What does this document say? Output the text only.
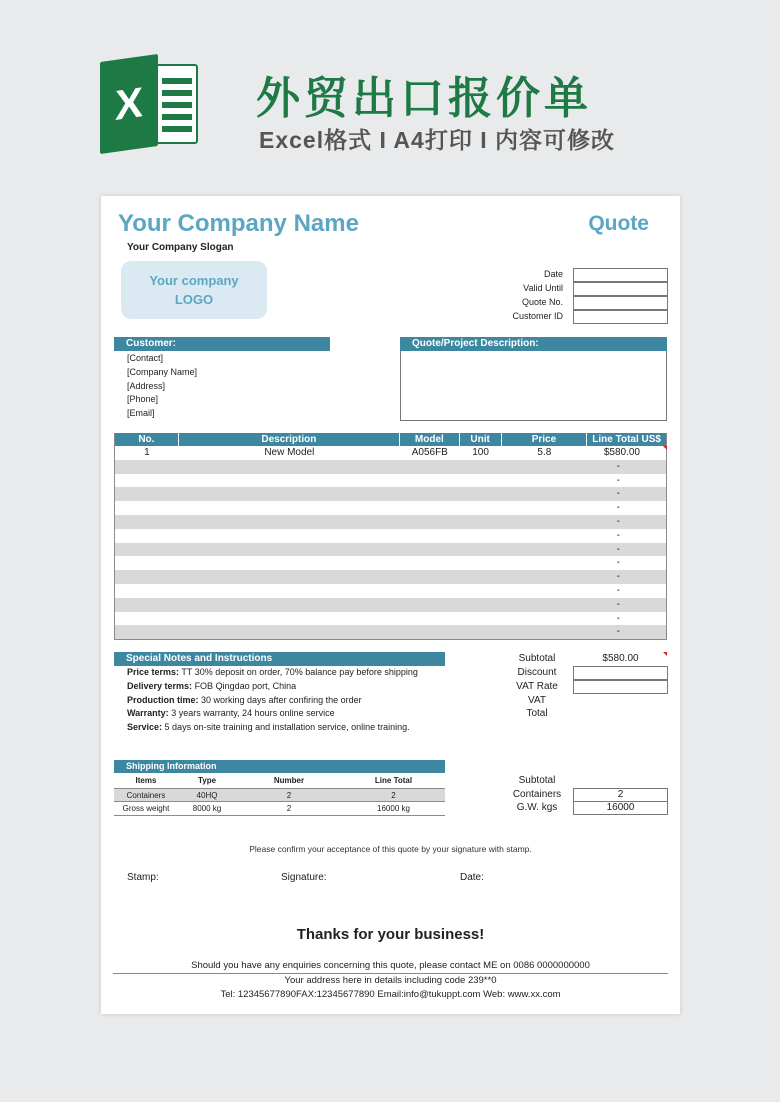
X	外贸出口报价单
Excel格式 I A4打印 I 内容可修改
Your Company Name	Quote
Your Company Slogan
Your company
LOGO
Date
Valid Until
Quote No.
Customer ID
Customer:
[Contact]
[Company Name]
[Address]
[Phone]
[Email]
Quote/Project Description:
No.	Description	Model	Unit	Price	Line Total US$
1	New Model	A056FB	100	5.8	$580.00
-
-
-
-
-
-
-
-
-
-
-
-
-
Special Notes and Instructions
Price terms: TT 30% deposit on order, 70% balance pay before shipping
Delivery terms: FOB Qingdao port, China
Production time: 30 working days after confiring the order
Warranty: 3 years warranty, 24 hours online service
Service: 5 days on-site training and installation service, online training.
Subtotal	$580.00
Discount
VAT Rate
VAT
Total
Shipping Information
Items	Type	Number	Line Total
Containers	40HQ	2	2
Gross weight	8000 kg	2	16000 kg
Subtotal
Containers	2
G.W. kgs	16000
Please confirm your acceptance of this quote by your signature with stamp.
Stamp:	Signature:	Date:
Thanks for your business!
Should you have any enquiries concerning this quote, please contact ME on 0086 0000000000
Your address here in details including code 239**0
Tel: 12345677890FAX:12345677890 Email:info@tukuppt.com Web: www.xx.com
